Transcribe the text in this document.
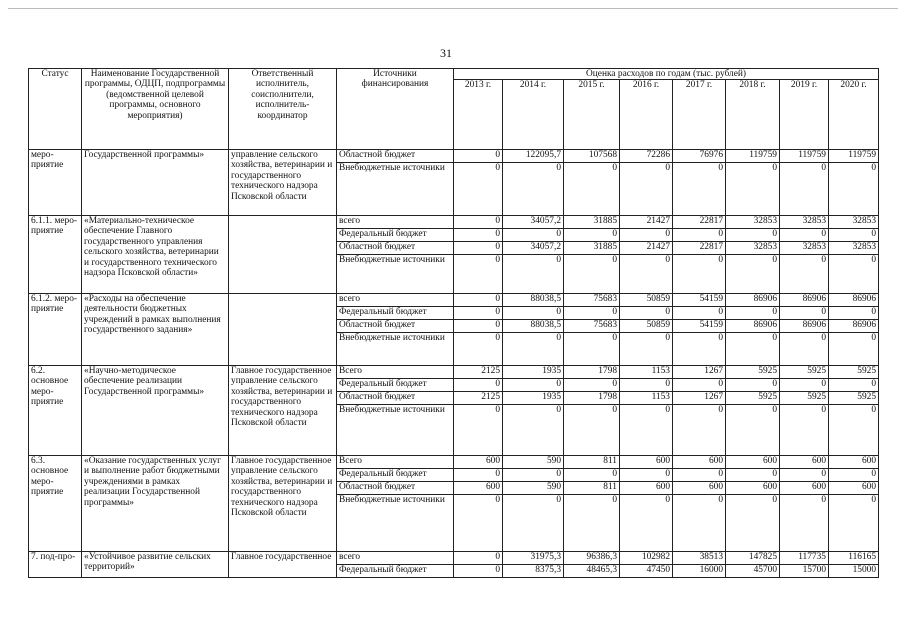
31
Статус	Наименование Государственной программы, ОДЦП, подпрограммы (ведомственной целевой программы, основного мероприятия)	Ответственный исполнитель, соисполнители, исполнитель-координатор	Источники финансирования	Оценка расходов по годам (тыс. рублей)							
				2013 г.	2014 г.	2015 г.	2016 г.	2017 г.	2018 г.	2019 г.	2020 г.
меро-приятие	Государственной программы»	управление сельского хозяйства, ветеринарии и государственного технического надзора Псковской области	Областной бюджет	0	122095,7	107568	72286	76976	119759	119759	119759
			Внебюджетные источники	0	0	0	0	0	0	0	0
6.1.1. меро-приятие	«Материально-техническое обеспечение Главного государственного управления сельского хозяйства, ветеринарии и государственного технического надзора Псковской области»		всего	0	34057,2	31885	21427	22817	32853	32853	32853
			Федеральный бюджет	0	0	0	0	0	0	0	0
			Областной бюджет	0	34057,2	31885	21427	22817	32853	32853	32853
			Внебюджетные источники	0	0	0	0	0	0	0	0
6.1.2. меро-приятие	«Расходы на обеспечение деятельности бюджетных учреждений в рамках выполнения государственного задания»		всего	0	88038,5	75683	50859	54159	86906	86906	86906
			Федеральный бюджет	0	0	0	0	0	0	0	0
			Областной бюджет	0	88038,5	75683	50859	54159	86906	86906	86906
			Внебюджетные источники	0	0	0	0	0	0	0	0
6.2. основное меро-приятие	«Научно-методическое обеспечение реализации Государственной программы»	Главное государственное управление сельского хозяйства, ветеринарии и государственного технического надзора Псковской области	Всего	2125	1935	1798	1153	1267	5925	5925	5925
			Федеральный бюджет	0	0	0	0	0	0	0	0
			Областной бюджет	2125	1935	1798	1153	1267	5925	5925	5925
			Внебюджетные источники	0	0	0	0	0	0	0	0
6.3. основное меро-приятие	«Оказание государственных услуг и выполнение работ бюджетными учреждениями в рамках реализации Государственной программы»	Главное государственное управление сельского хозяйства, ветеринарии и государственного технического надзора Псковской области	Всего	600	590	811	600	600	600	600	600
			Федеральный бюджет	0	0	0	0	0	0	0	0
			Областной бюджет	600	590	811	600	600	600	600	600
			Внебюджетные источники	0	0	0	0	0	0	0	0
7. под-про-	«Устойчивое развитие сельских территорий»	Главное государственное	всего	0	31975,3	96386,3	102982	38513	147825	117735	116165
			Федеральный бюджет	0	8375,3	48465,3	47450	16000	45700	15700	15000
